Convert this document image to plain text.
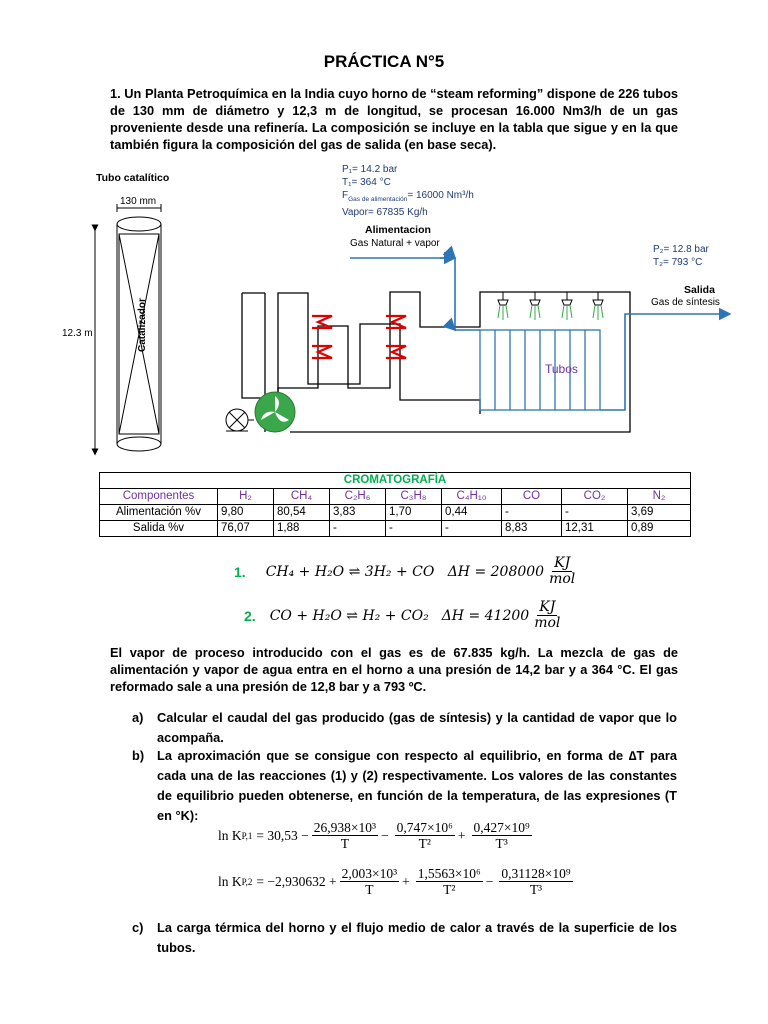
PRÁCTICA N°5
1. Un Planta Petroquímica en la India cuyo horno de “steam reforming” dispone de 226 tubos de 130 mm de diámetro y 12,3 m de longitud, se procesan 16.000 Nm3/h de un gas proveniente desde una refinería. La composición se incluye en la tabla que sigue y en la que también figura la composición del gas de salida (en base seca).
Tubo catalítico
130 mm
12.3 m	Catalizador
P₁= 14.2 bar
T₁= 364 °C
$F_{Gas de alimentación}= 16000$ Nm³/h
Vapor= 67835 Kg/h
Alimentacion
Gas Natural + vapor
P₂= 12.8 bar
T₂= 793 °C
Salida
Gas de síntesis
Tubos
CROMATOGRAFÍA								
Componentes	H₂	CH₄	C₂H₆	C₃H₈	C₄H₁₀	CO	CO₂	N₂
Alimentación %v	9,80	80,54	3,83	1,70	0,44	-	-	3,69
Salida %v	76,07	1,88	-	-	-	8,83	12,31	0,89
1. CH₄ + H₂O ⇌ 3H₂ + CO $\Delta H = 208000 \frac{KJ}{\text{mol}}$
2. CO + H₂O ⇌ H₂ + CO₂ $\Delta H = 41200 \frac{KJ}{\text{mol}}$
El vapor de proceso introducido con el gas es de 67.835 kg/h. La mezcla de gas de alimentación y vapor de agua entra en el horno a una presión de 14,2 bar y a 364 °C. El gas reformado sale a una presión de 12,8 bar y a 793 ºC.
a) Calcular el caudal del gas producido (gas de síntesis) y la cantidad de vapor que lo acompaña.
b) La aproximación que se consigue con respecto al equilibrio, en forma de ∆T para cada una de las reacciones (1) y (2) respectivamente. Los valores de las constantes de equilibrio pueden obtenerse, en función de la temperatura, de las expresiones (T en °K):
ln K $P,1 = 30,53 - \frac{\text{26,938×10³}}{T} - \frac{\text{0,747×10⁶}}{\text{T²}} + \frac{\text{0,427×10⁹}}{\text{T³}}$
ln K $P,2 = -2,930632 + \frac{\text{2,003×10³}}{T} + \frac{\text{1,5563×10⁶}}{\text{T²}} - \frac{\text{0,31128×10⁹}}{\text{T³}}$
c) La carga térmica del horno y el flujo medio de calor a través de la superficie de los tubos.
